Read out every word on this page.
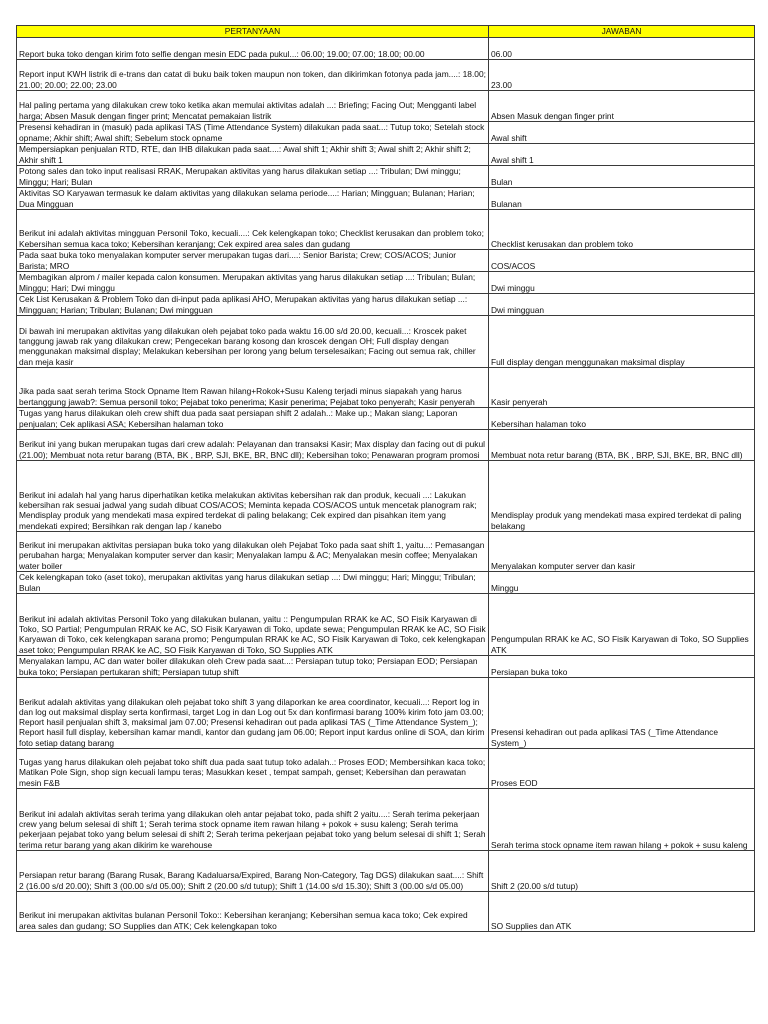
PERTANYAAN	JAWABAN
Report buka toko dengan kirim foto selfie dengan mesin EDC pada pukul...: 06.00; 19.00; 07.00; 18.00; 00.00	06.00
Report input KWH listrik di e-trans dan catat di buku baik token maupun non token, dan dikirimkan fotonya pada jam....: 18.00; 21.00; 20.00; 22.00; 23.00	23.00
Hal paling pertama yang dilakukan crew toko ketika akan memulai aktivitas adalah ...: Briefing; Facing Out; Mengganti label harga; Absen Masuk dengan finger print; Mencatat pemakaian listrik	Absen Masuk dengan finger print
Presensi kehadiran in (masuk) pada aplikasi TAS (Time Attendance System) dilakukan pada saat...: Tutup toko; Setelah stock opname; Akhir shift; Awal shift; Sebelum stock opname	Awal shift
Mempersiapkan penjualan RTD, RTE, dan IHB dilakukan pada saat....: Awal shift 1; Akhir shift 3; Awal shift 2; Akhir shift 2; Akhir shift 1	Awal shift 1
Potong sales dan toko input realisasi RRAK, Merupakan aktivitas yang harus dilakukan setiap ...: Tribulan; Dwi minggu; Minggu; Hari; Bulan	Bulan
Aktivitas SO Karyawan termasuk ke dalam aktivitas yang dilakukan selama periode....: Harian; Mingguan; Bulanan; Harian; Dua Mingguan	Bulanan
Berikut ini adalah aktivitas mingguan Personil Toko, kecuali....: Cek kelengkapan toko; Checklist kerusakan dan problem toko; Kebersihan semua kaca toko; Kebersihan keranjang; Cek expired area sales dan gudang	Checklist kerusakan dan problem toko
Pada saat buka toko menyalakan komputer server merupakan tugas dari....: Senior Barista; Crew; COS/ACOS; Junior Barista; MRO	COS/ACOS
Membagikan alprom / mailer kepada calon konsumen. Merupakan aktivitas yang harus dilakukan setiap ...: Tribulan; Bulan; Minggu; Hari; Dwi minggu	Dwi minggu
Cek List Kerusakan & Problem Toko dan di-input pada aplikasi AHO, Merupakan aktivitas yang harus dilakukan setiap ...: Mingguan; Harian; Tribulan; Bulanan; Dwi mingguan	Dwi mingguan
Di bawah ini merupakan aktivitas yang dilakukan oleh pejabat toko pada waktu 16.00 s/d 20.00, kecuali...: Kroscek paket tanggung jawab rak yang dilakukan crew; Pengecekan barang kosong dan kroscek dengan OH; Full display dengan menggunakan maksimal display; Melakukan kebersihan per lorong yang belum terselesaikan; Facing out semua rak, chiller dan meja kasir	Full display dengan menggunakan maksimal display
Jika pada saat serah terima Stock Opname Item Rawan hilang+Rokok+Susu Kaleng terjadi minus siapakah yang harus bertanggung jawab?: Semua personil toko; Pejabat toko penerima; Kasir penerima; Pejabat toko penyerah; Kasir penyerah	Kasir penyerah
Tugas yang harus dilakukan oleh crew shift dua pada saat persiapan shift 2 adalah..: Make up.; Makan siang; Laporan penjualan; Cek aplikasi ASA; Kebersihan halaman toko	Kebersihan halaman toko
Berikut ini yang bukan merupakan tugas dari crew adalah: Pelayanan dan transaksi Kasir; Max display dan facing out di pukul (21.00); Membuat nota retur barang (BTA, BK , BRP, SJI, BKE, BR, BNC dll); Kebersihan toko; Penawaran program promosi	Membuat nota retur barang (BTA, BK , BRP, SJI, BKE, BR, BNC dll)
Berikut ini adalah hal yang harus diperhatikan ketika melakukan aktivitas kebersihan rak dan produk, kecuali ...: Lakukan kebersihan rak sesuai jadwal yang sudah dibuat COS/ACOS; Meminta kepada COS/ACOS untuk mencetak planogram rak; Mendisplay produk yang mendekati masa expired terdekat di paling belakang; Cek expired dan pisahkan item yang mendekati expired; Bersihkan rak dengan lap / kanebo	Mendisplay produk yang mendekati masa expired terdekat di paling belakang
Berikut ini merupakan aktivitas persiapan buka toko yang dilakukan oleh Pejabat Toko pada saat shift 1, yaitu...: Pemasangan perubahan harga; Menyalakan komputer server dan kasir; Menyalakan lampu & AC; Menyalakan mesin coffee; Menyalakan water boiler	Menyalakan komputer server dan kasir
Cek kelengkapan toko (aset toko), merupakan aktivitas yang harus dilakukan setiap ...: Dwi minggu; Hari; Minggu; Tribulan; Bulan	Minggu
Berikut ini adalah aktivitas Personil Toko yang dilakukan bulanan, yaitu :: Pengumpulan RRAK ke AC, SO Fisik Karyawan di Toko, SO Partial; Pengumpulan RRAK ke AC, SO Fisik Karyawan di Toko, update sewa; Pengumpulan RRAK ke AC, SO Fisik Karyawan di Toko, cek kelengkapan sarana promo; Pengumpulan RRAK ke AC, SO Fisik Karyawan di Toko, cek kelengkapan aset toko; Pengumpulan RRAK ke AC, SO Fisik Karyawan di Toko, SO Supplies ATK	Pengumpulan RRAK ke AC, SO Fisik Karyawan di Toko, SO Supplies ATK
Menyalakan lampu, AC dan water boiler dilakukan oleh Crew pada saat...: Persiapan tutup toko; Persiapan EOD; Persiapan buka toko; Persiapan pertukaran shift; Persiapan tutup shift	Persiapan buka toko
Berikut adalah aktivitas yang dilakukan oleh pejabat toko shift 3 yang dilaporkan ke area coordinator, kecuali...: Report log in dan log out maksimal display serta konfirmasi, target Log in dan Log out 5x dan konfirmasi barang 100% kirim foto jam 03.00; Report hasil penjualan shift 3, maksimal jam 07.00; Presensi kehadiran out pada aplikasi TAS (_Time Attendance System_); Report hasil full display, kebersihan kamar mandi, kantor dan gudang jam 06.00; Report input kardus online di SOA, dan kirim foto setiap datang barang	Presensi kehadiran out pada aplikasi TAS (_Time Attendance System_)
Tugas yang harus dilakukan oleh pejabat toko shift dua pada saat tutup toko adalah..: Proses EOD; Membersihkan kaca toko; Matikan Pole Sign, shop sign kecuali lampu teras; Masukkan keset , tempat sampah, genset; Kebersihan dan perawatan mesin F&B	Proses EOD
Berikut ini adalah aktivitas serah terima yang dilakukan oleh antar pejabat toko, pada shift 2 yaitu....: Serah terima pekerjaan crew yang belum selesai di shift 1; Serah terima stock opname item rawan hilang + pokok + susu kaleng; Serah terima pekerjaan pejabat toko yang belum selesai di shift 2; Serah terima pekerjaan pejabat toko yang belum selesai di shift 1; Serah terima retur barang yang akan dikirim ke warehouse	Serah terima stock opname item rawan hilang + pokok + susu kaleng
Persiapan retur barang (Barang Rusak, Barang Kadaluarsa/Expired, Barang Non-Category, Tag DGS) dilakukan saat....: Shift 2 (16.00 s/d 20.00); Shift 3 (00.00 s/d 05.00); Shift 2 (20.00 s/d tutup); Shift 1 (14.00 s/d 15.30); Shift 3 (00.00 s/d 05.00)	Shift 2 (20.00 s/d tutup)
Berikut ini merupakan aktivitas bulanan Personil Toko:: Kebersihan keranjang; Kebersihan semua kaca toko; Cek expired area sales dan gudang; SO Supplies dan ATK; Cek kelengkapan toko	SO Supplies dan ATK
